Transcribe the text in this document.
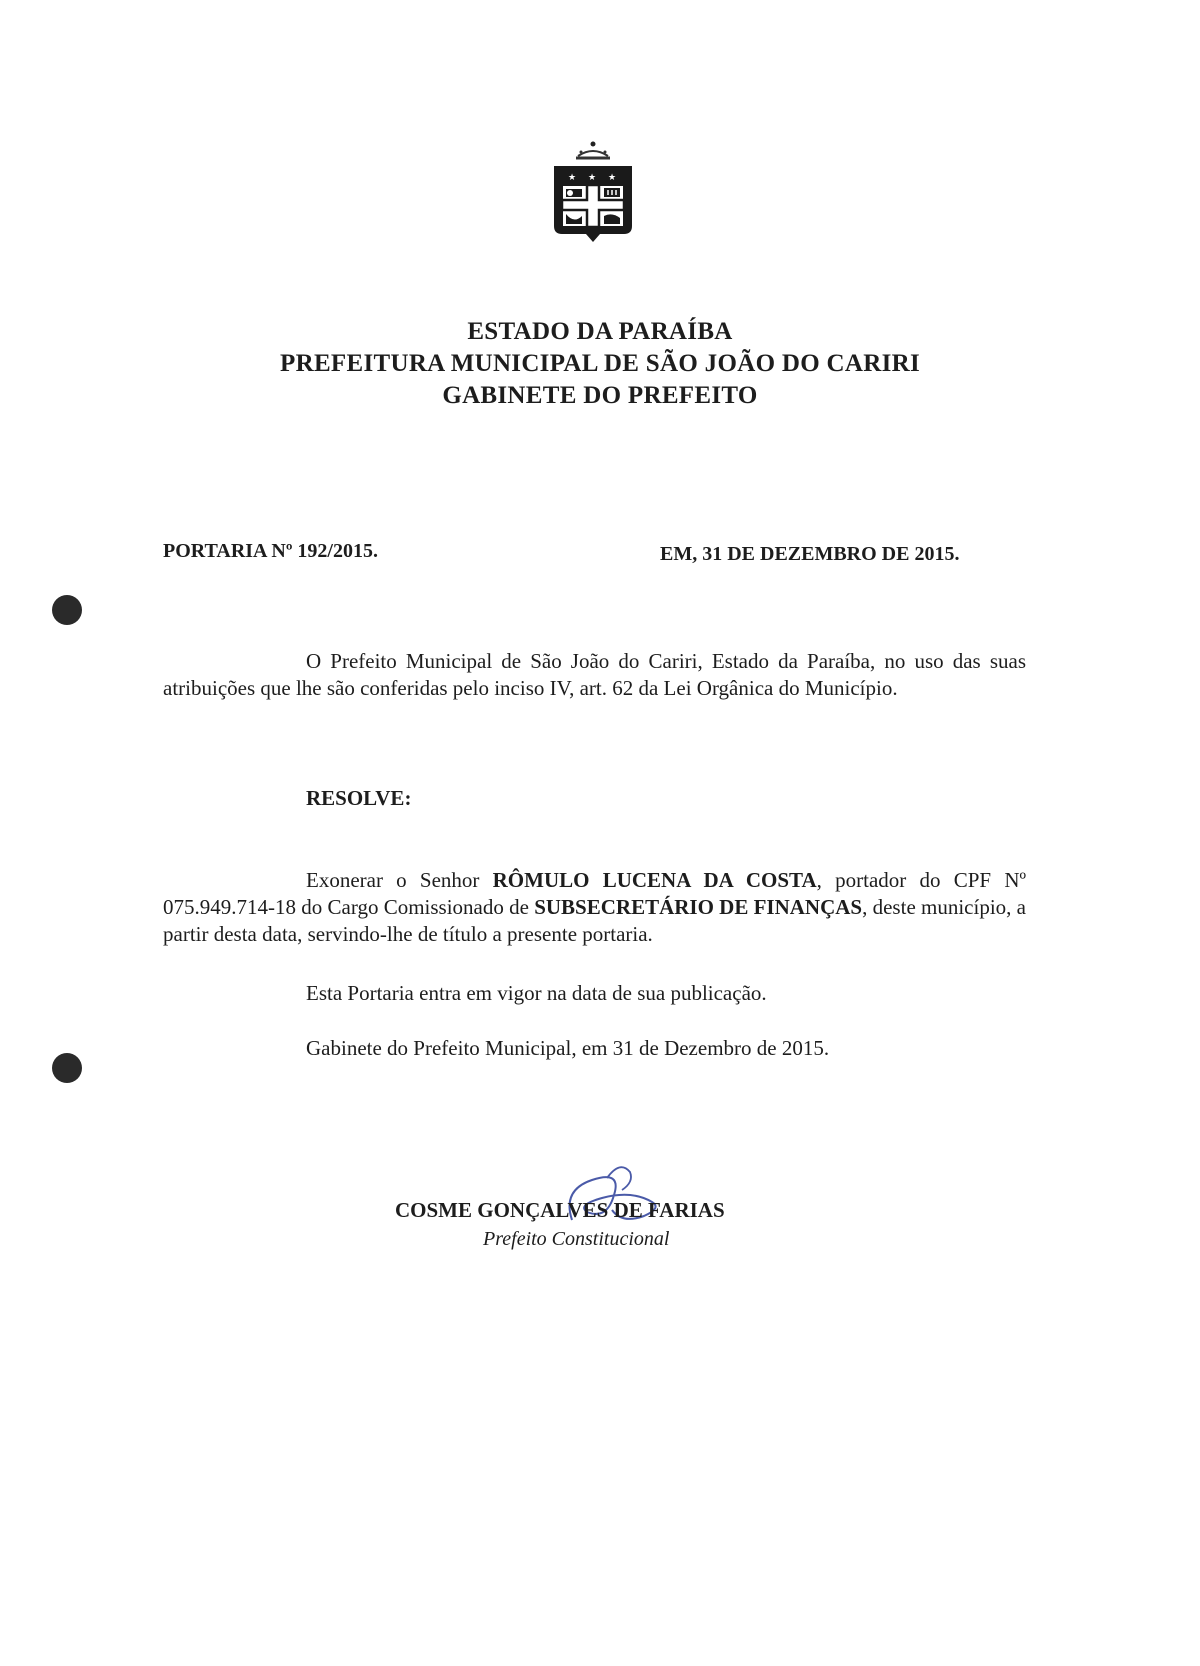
★ ★ ★
ESTADO DA PARAÍBA
PREFEITURA MUNICIPAL DE SÃO JOÃO DO CARIRI
GABINETE DO PREFEITO
PORTARIA Nº 192/2015.	EM, 31 DE DEZEMBRO DE 2015.
O Prefeito Municipal de São João do Cariri, Estado da Paraíba, no uso das suas atribuições que lhe são conferidas pelo inciso IV, art. 62 da Lei Orgânica do Município.
RESOLVE:
Exonerar o Senhor RÔMULO LUCENA DA COSTA, portador do CPF Nº 075.949.714-18 do Cargo Comissionado de SUBSECRETÁRIO DE FINANÇAS, deste município, a partir desta data, servindo-lhe de título a presente portaria.
Esta Portaria entra em vigor na data de sua publicação.
Gabinete do Prefeito Municipal, em 31 de Dezembro de 2015.
COSME GONÇALVES DE FARIAS
Prefeito Constitucional
